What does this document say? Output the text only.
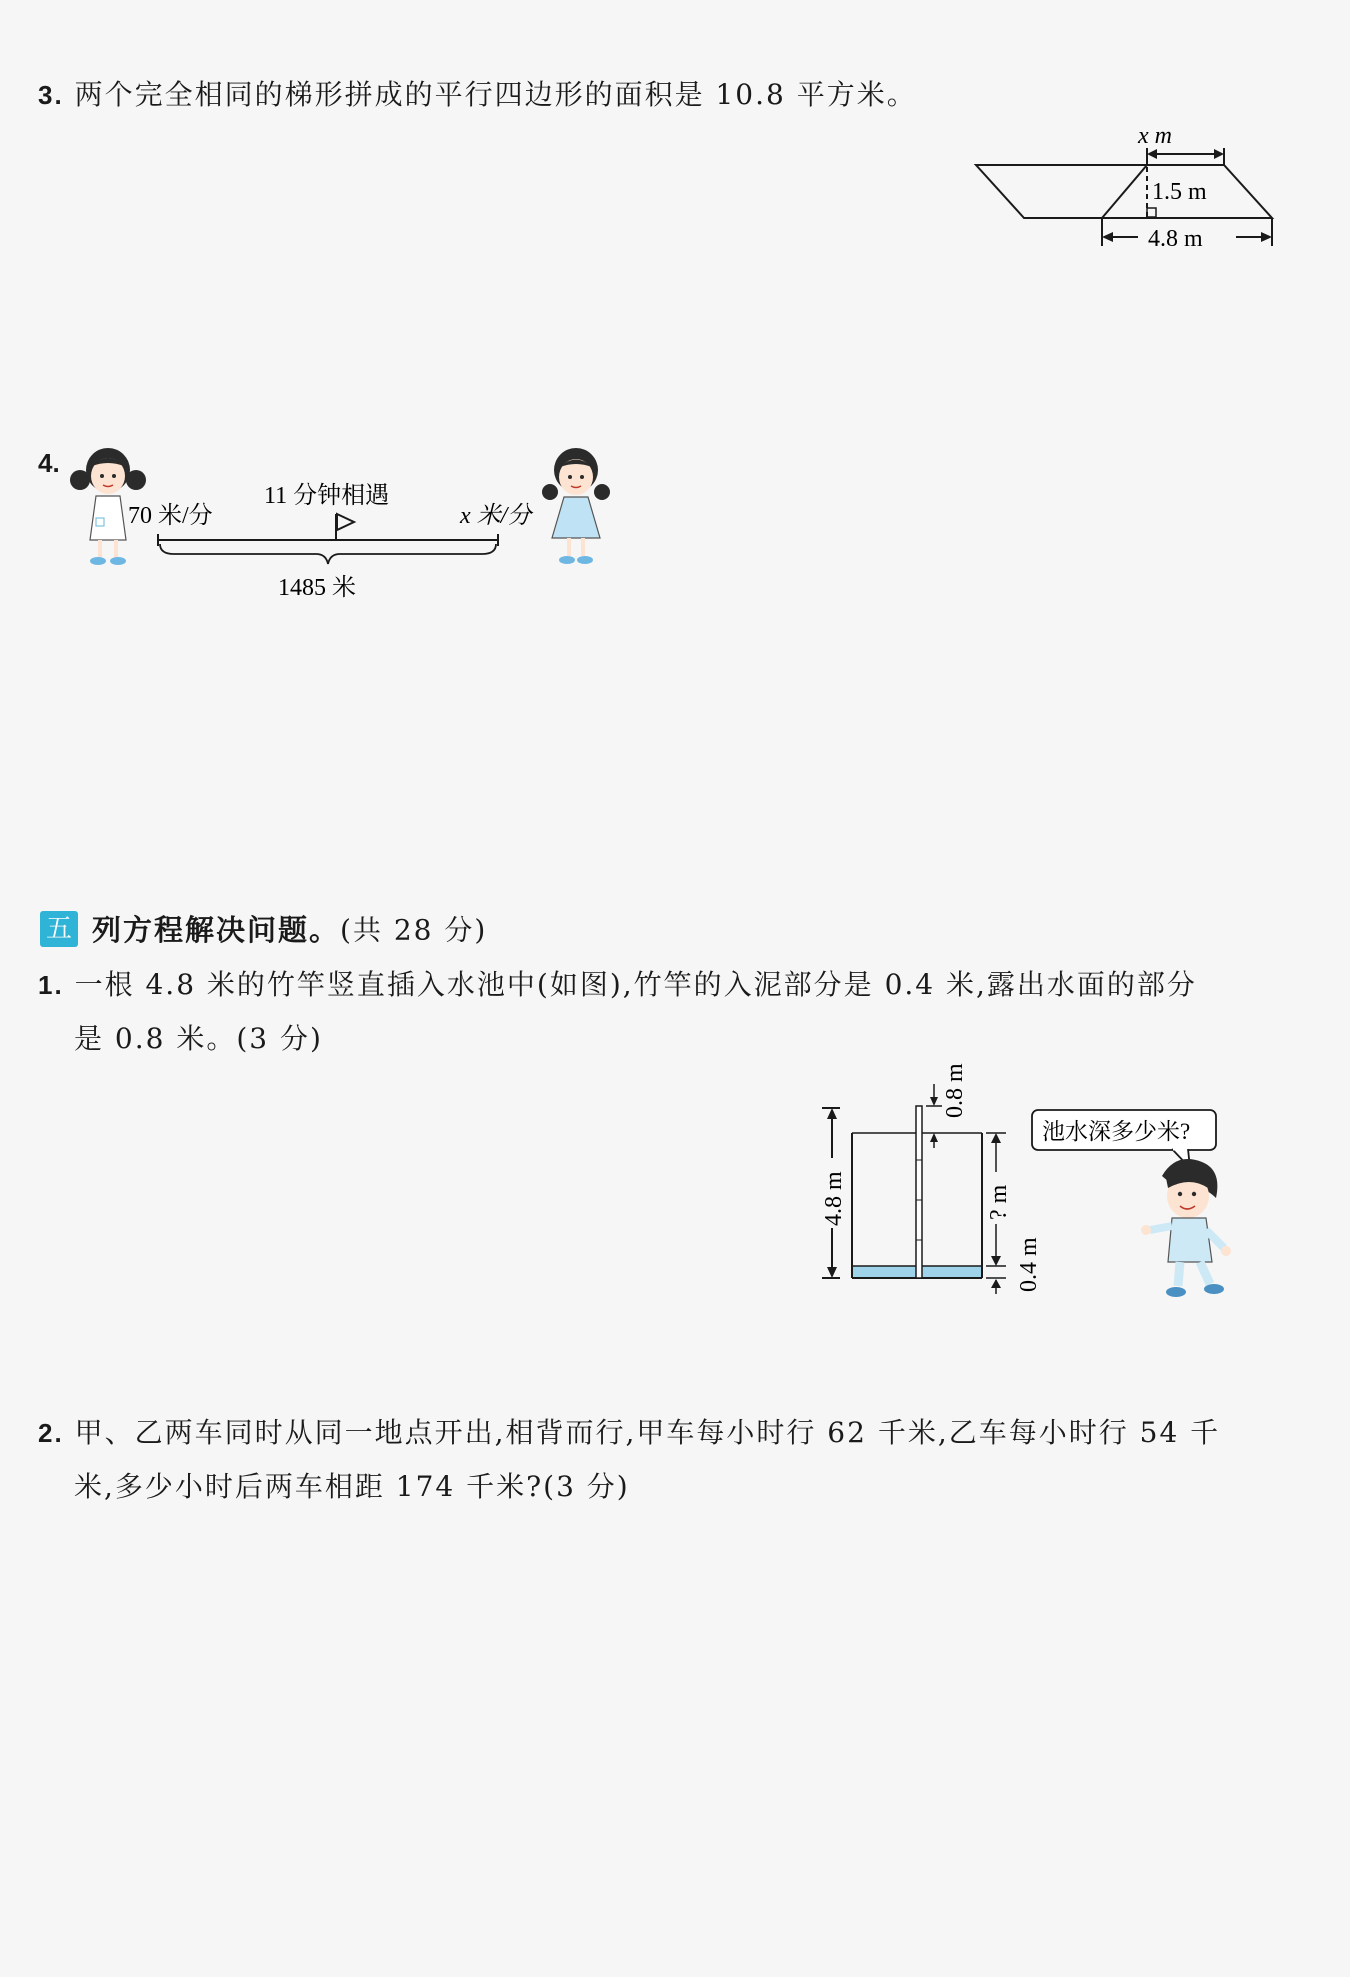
3. 两个完全相同的梯形拼成的平行四边形的面积是 10.8 平方米。
x m
1.5 m
4.8 m
4.
70 米/分
11 分钟相遇
x 米/分
1485 米
五 列方程解决问题。(共 28 分)
1. 一根 4.8 米的竹竿竖直插入水池中(如图),竹竿的入泥部分是 0.4 米,露出水面的部分
是 0.8 米。(3 分)
4.8 m
0.8 m
? m
0.4 m
池水深多少米?
2. 甲、乙两车同时从同一地点开出,相背而行,甲车每小时行 62 千米,乙车每小时行 54 千
米,多少小时后两车相距 174 千米?(3 分)
